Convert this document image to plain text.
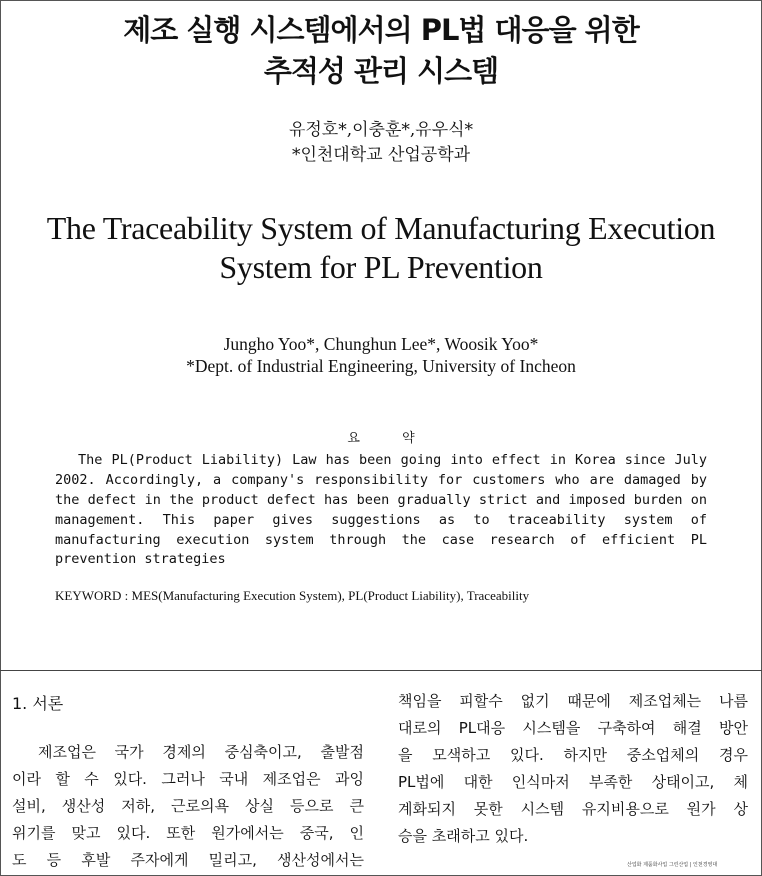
제조 실행 시스템에서의 PL법 대응을 위한
추적성 관리 시스템
유정호*,이충훈*,유우식*
*인천대학교 산업공학과
The Traceability System of Manufacturing Execution
System for PL Prevention
Jungho Yoo*, Chunghun Lee*, Woosik Yoo*
*Dept. of Industrial Engineering, University of Incheon
요 약
The PL(Product Liability) Law has been going into effect in Korea since July
2002. Accordingly, a company's responsibility for customers who are damaged by
the defect in the product defect has been gradually strict and imposed burden on
management. This paper gives suggestions as to traceability system of
manufacturing execution system through the case research of efficient PL
prevention strategies
KEYWORD : MES(Manufacturing Execution System), PL(Product Liability), Traceability
1. 서론
제조업은 국가 경제의 중심축이고, 출발점
이라 할 수 있다. 그러나 국내 제조업은 과잉
설비, 생산성 저하, 근로의욕 상실 등으로 큰
위기를 맞고 있다. 또한 원가에서는 중국, 인
도 등 후발 주자에게 밀리고, 생산성에서는
책임을 피할수 없기 때문에 제조업체는 나름
대로의 PL대응 시스템을 구축하여 해결 방안
을 모색하고 있다. 하지만 중소업체의 경우
PL법에 대한 인식마저 부족한 상태이고, 체
계화되지 못한 시스템 유지비용으로 원가 상
승을 초래하고 있다.
산업화 제품화사업 그린산업 | 인천경영대
